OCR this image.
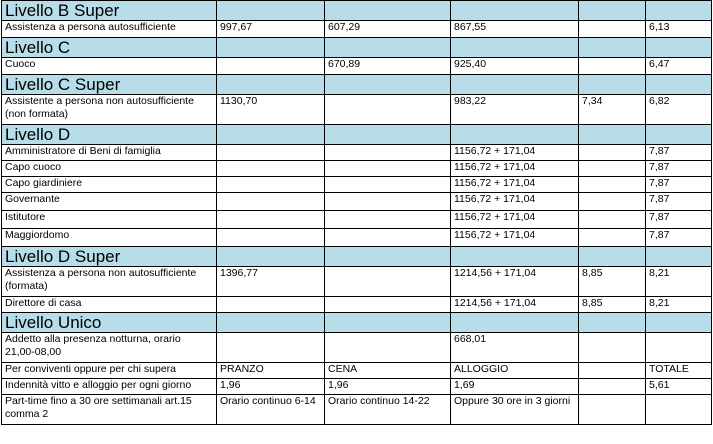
Livello B Super					
Assistenza a persona autosufficiente	997,67	607,29	867,55		6,13
Livello C					
Cuoco		670,89	925,40		6,47
Livello C Super					
Assistente a persona non autosufficiente (non formata)	1130,70		983,22	7,34	6,82
Livello D					
Amministratore di Beni di famiglia			1156,72 + 171,04		7,87
Capo cuoco			1156,72 + 171,04		7,87
Capo giardiniere			1156,72 + 171,04		7,87
Governante			1156,72 + 171,04		7,87
Istitutore			1156,72 + 171,04		7,87
Maggiordomo			1156,72 + 171,04		7,87
Livello D Super					
Assistenza a persona non autosufficiente (formata)	1396,77		1214,56 + 171,04	8,85	8,21
Direttore di casa			1214,56 + 171,04	8,85	8,21
Livello Unico					
Addetto alla presenza notturna, orario 21,00-08,00			668,01		
Per conviventi oppure per chi supera	PRANZO	CENA	ALLOGGIO		TOTALE
Indennità vitto e alloggio per ogni giorno	1,96	1,96	1,69		5,61
Part-time fino a 30 ore settimanali art.15 comma 2	Orario continuo 6-14	Orario continuo 14-22	Oppure 30 ore in 3 giorni		
